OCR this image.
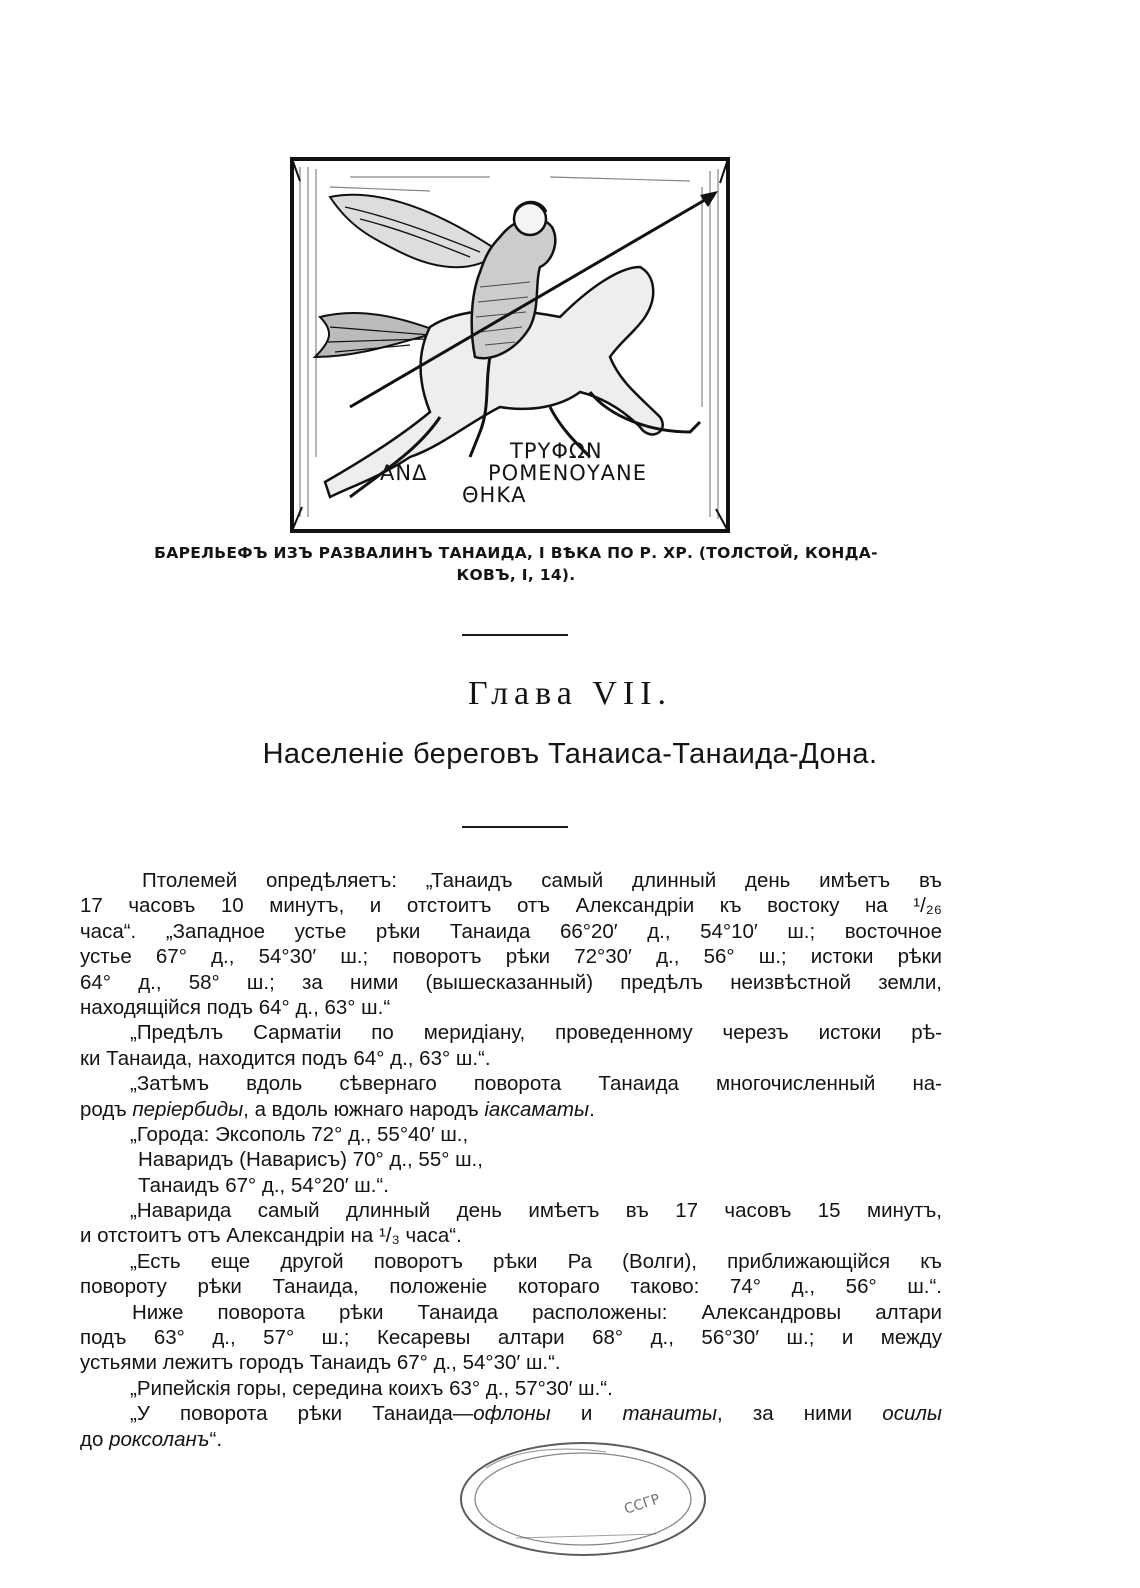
ΤΡΥΦΩΝ
ΑΝΔ	ΡΟΜΕΝΟΥΑΝΕ
ΘΗΚΑ
БАРЕЛЬЕФЪ ИЗЪ РАЗВАЛИНЪ ТАНАИДА, I ВѢКА ПО Р. ХР. (ТОЛСТОЙ, КОНДА-
КОВЪ, I, 14).
Глава VII.
Населеніе береговъ Танаиса-Танаида-Дона.
Птолемей опредѣляетъ: „Танаидъ самый длинный день имѣетъ въ
17 часовъ 10 минутъ, и отстоитъ отъ Александріи къ востоку на ¹/₂₆
часа“. „Западное устье рѣки Танаида 66°20′ д., 54°10′ ш.; восточное
устье 67° д., 54°30′ ш.; поворотъ рѣки 72°30′ д., 56° ш.; истоки рѣки
64° д., 58° ш.; за ними (вышесказанный) предѣлъ неизвѣстной земли,
находящійся подъ 64° д., 63° ш.“
„Предѣлъ Сарматіи по меридіану, проведенному черезъ истоки рѣ-
ки Танаида, находится подъ 64° д., 63° ш.“.
„Затѣмъ вдоль сѣвернаго поворота Танаида многочисленный на-
родъ періербиды, а вдоль южнаго народъ іаксаматы.
„Города: Эксополь 72° д., 55°40′ ш.,
Наваридъ (Наварисъ) 70° д., 55° ш.,
Танаидъ 67° д., 54°20′ ш.“.
„Наварида самый длинный день имѣетъ въ 17 часовъ 15 минутъ,
и отстоитъ отъ Александріи на ¹/₃ часа“.
„Есть еще другой поворотъ рѣки Ра (Волги), приближающійся къ
повороту рѣки Танаида, положеніе котораго таково: 74° д., 56° ш.“.
Ниже поворота рѣки Танаида расположены: Александровы алтари
подъ 63° д., 57° ш.; Кесаревы алтари 68° д., 56°30′ ш.; и между
устьями лежитъ городъ Танаидъ 67° д., 54°30′ ш.“.
„Рипейскія горы, середина коихъ 63° д., 57°30′ ш.“.
„У поворота рѣки Танаида—офлоны и танаиты, за ними осилы
до роксоланъ“.
ССГР
